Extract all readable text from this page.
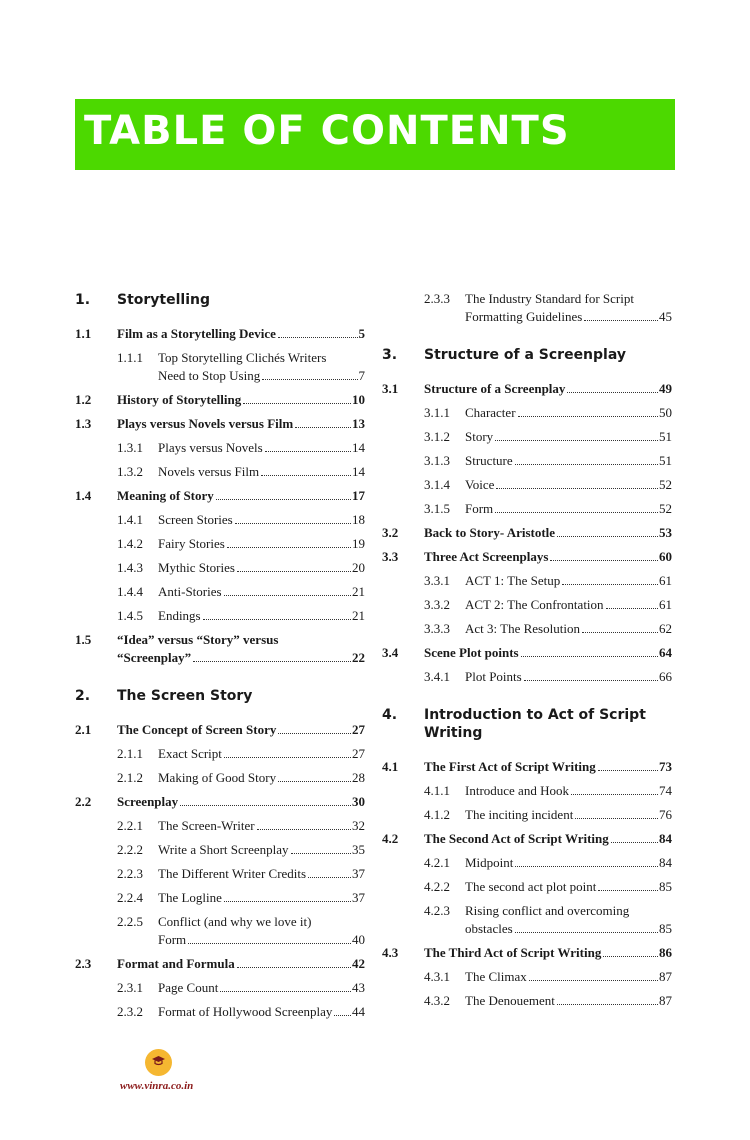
TABLE OF CONTENTS
1.	Storytelling
1.1	Film as a Storytelling Device	5
1.1.1	Top Storytelling Clichés Writers
Need to Stop Using	7
1.2	History of Storytelling	10
1.3	Plays versus Novels versus Film	13
1.3.1	Plays versus Novels	14
1.3.2	Novels versus Film	14
1.4	Meaning of Story	17
1.4.1	Screen Stories	18
1.4.2	Fairy Stories	19
1.4.3	Mythic Stories	20
1.4.4	Anti-Stories	21
1.4.5	Endings	21
1.5	“Idea” versus “Story” versus
“Screenplay”	22
2.	The Screen Story
2.1	The Concept of Screen Story	27
2.1.1	Exact Script	27
2.1.2	Making of Good Story	28
2.2	Screenplay	30
2.2.1	The Screen-Writer	32
2.2.2	Write a Short Screenplay	35
2.2.3	The Different Writer Credits	37
2.2.4	The Logline	37
2.2.5	Conflict (and why we love it)
Form	40
2.3	Format and Formula	42
2.3.1	Page Count	43
2.3.2	Format of Hollywood Screenplay 44
2.3.3	The Industry Standard for Script
Formatting Guidelines	45
3.	Structure of a Screenplay
3.1	Structure of a Screenplay	49
3.1.1	Character	50
3.1.2	Story	51
3.1.3	Structure	51
3.1.4	Voice	52
3.1.5	Form	52
3.2	Back to Story- Aristotle	53
3.3	Three Act Screenplays	60
3.3.1	ACT 1: The Setup	61
3.3.2	ACT 2: The Confrontation	61
3.3.3	Act 3: The Resolution	62
3.4	Scene Plot points	64
3.4.1	Plot Points	66
4.	Introduction to Act of Script
Writing
4.1	The First Act of Script Writing	73
4.1.1	Introduce and Hook	74
4.1.2	The inciting incident	76
4.2	The Second Act of Script Writing	84
4.2.1	Midpoint	84
4.2.2	The second act plot point	85
4.2.3	Rising conflict and overcoming
obstacles	85
4.3	The Third Act of Script Writing	86
4.3.1	The Climax	87
4.3.2	The Denouement	87
www.vinra.co.in
